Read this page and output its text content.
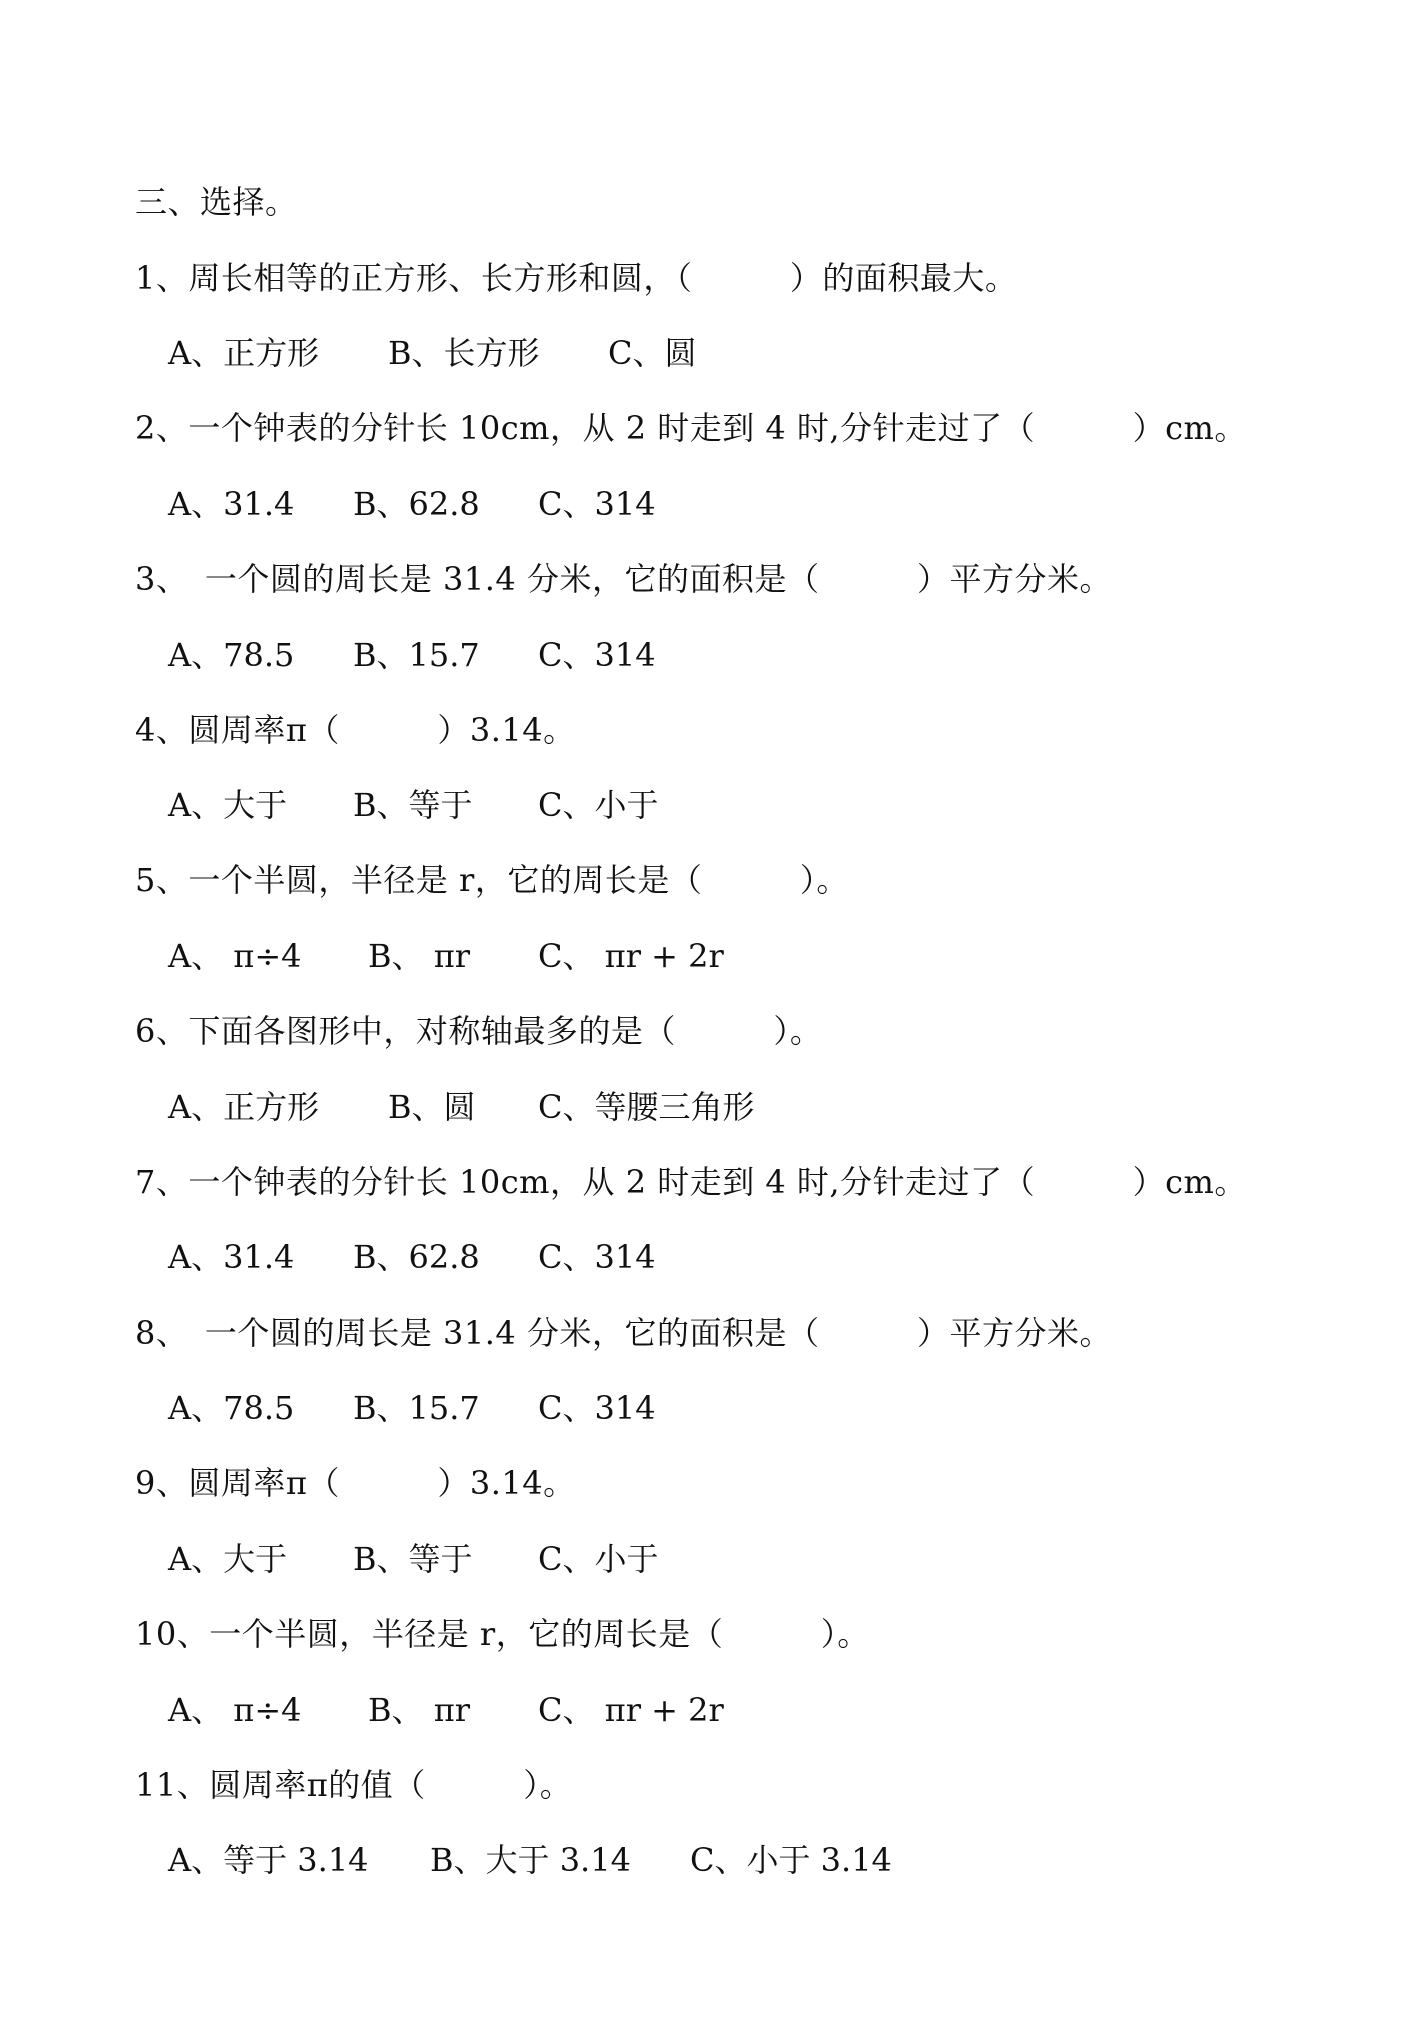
三、选择。
1、周长相等的正方形、长方形和圆，（　　　）的面积最大。

A、正方形

B、长方形

C、圆

2、一个钟表的分针长 10cm，从 2 时走到 4 时,分针走过了（　　　）cm。

A、31.4

B、62.8

C、314

3、　一个圆的周长是 31.4 分米，它的面积是（　　　）平方分米。

A、78.5

B、15.7

C、314

4、圆周率π（　　　）3.14。

A、大于

B、等于

C、小于

5、一个半圆，半径是 r，它的周长是（　　　）。

A、 π÷4

B、 πr

C、 πr + 2r

6、下面各图形中，对称轴最多的是（　　　）。

A、正方形

B、圆

C、等腰三角形

7、一个钟表的分针长 10cm，从 2 时走到 4 时,分针走过了（　　　）cm。

A、31.4

B、62.8

C、314

8、　一个圆的周长是 31.4 分米，它的面积是（　　　）平方分米。

A、78.5

B、15.7

C、314

9、圆周率π（　　　）3.14。

A、大于

B、等于

C、小于

10、一个半圆，半径是 r，它的周长是（　　　）。

A、 π÷4

B、 πr

C、 πr + 2r

11、圆周率π的值（　　　）。

A、等于 3.14

B、大于 3.14

C、小于 3.14
